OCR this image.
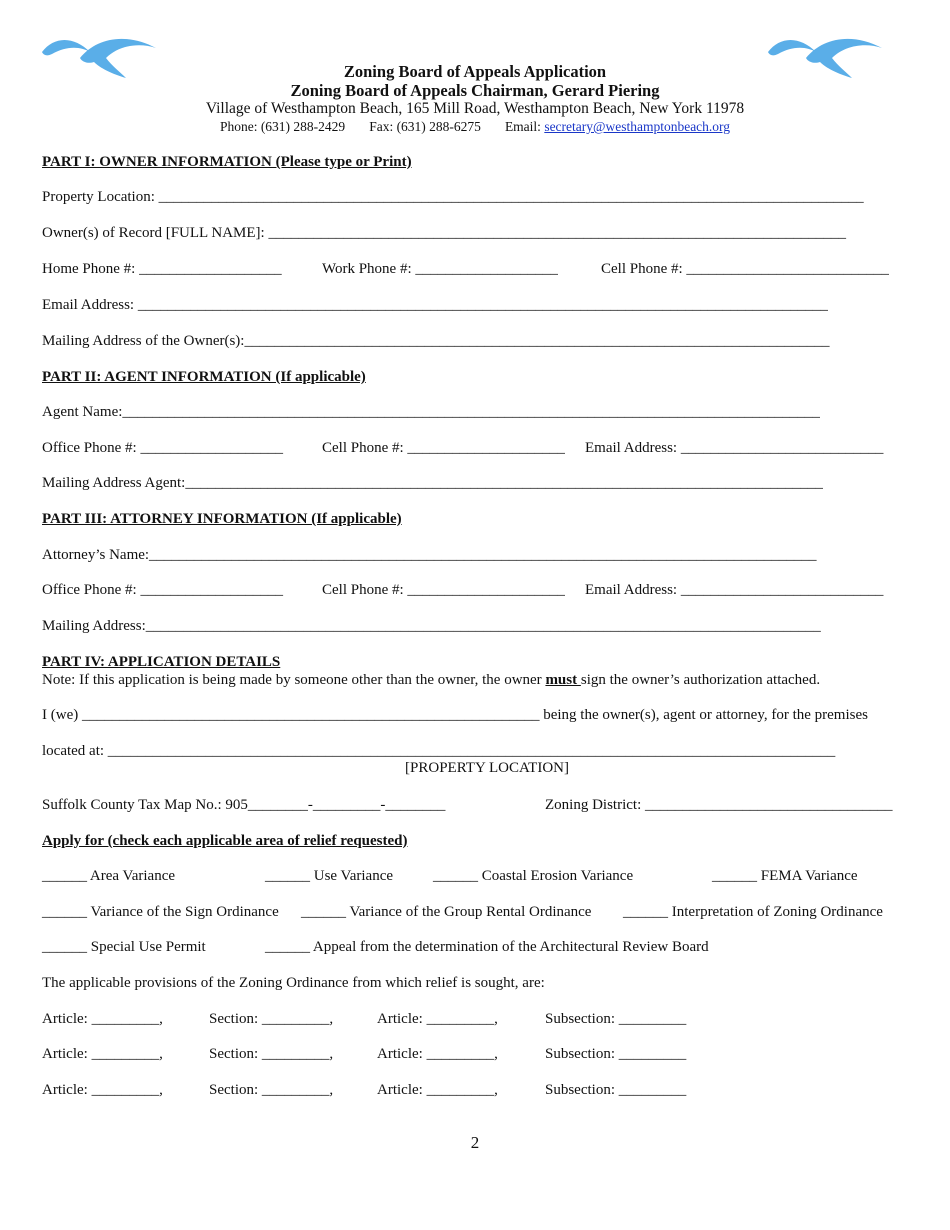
Zoning Board of Appeals Application
Zoning Board of Appeals Chairman, Gerard Piering
Village of Westhampton Beach, 165 Mill Road, Westhampton Beach, New York 11978
Phone: (631) 288-2429 Fax: (631) 288-6275 Email: secretary@westhamptonbeach.org
PART I: OWNER INFORMATION (Please type or Print)
Property Location: ______________________________________________________________________________________________
Owner(s) of Record [FULL NAME]: _____________________________________________________________________________
Home Phone #: ___________________	Work Phone #: ___________________	Cell Phone #: ___________________________
Email Address: ____________________________________________________________________________________________
Mailing Address of the Owner(s):______________________________________________________________________________
PART II: AGENT INFORMATION (If applicable)
Agent Name:_____________________________________________________________________________________________
Office Phone #: ___________________	Cell Phone #: _____________________ Email Address: ___________________________
Mailing Address Agent:_____________________________________________________________________________________
PART III: ATTORNEY INFORMATION (If applicable)
Attorney’s Name:_________________________________________________________________________________________
Office Phone #: ___________________	Cell Phone #: _____________________ Email Address: ___________________________
Mailing Address:__________________________________________________________________________________________
PART IV: APPLICATION DETAILS
Note: If this application is being made by someone other than the owner, the owner must sign the owner’s authorization attached.
I (we) _____________________________________________________________ being the owner(s), agent or attorney, for the premises
located at: _________________________________________________________________________________________________
[PROPERTY LOCATION]
Suffolk County Tax Map No.: 905________-_________-________	Zoning District: _________________________________
Apply for (check each applicable area of relief requested)
______ Area Variance	______ Use Variance	______ Coastal Erosion Variance	______ FEMA Variance
______ Variance of the Sign Ordinance ______ Variance of the Group Rental Ordinance ______ Interpretation of Zoning Ordinance
______ Special Use Permit	______ Appeal from the determination of the Architectural Review Board
The applicable provisions of the Zoning Ordinance from which relief is sought, are:
Article: _________,	Section: _________,	Article: _________,	Subsection: _________
Article: _________,	Section: _________,	Article: _________,	Subsection: _________
Article: _________,	Section: _________,	Article: _________,	Subsection: _________
2
